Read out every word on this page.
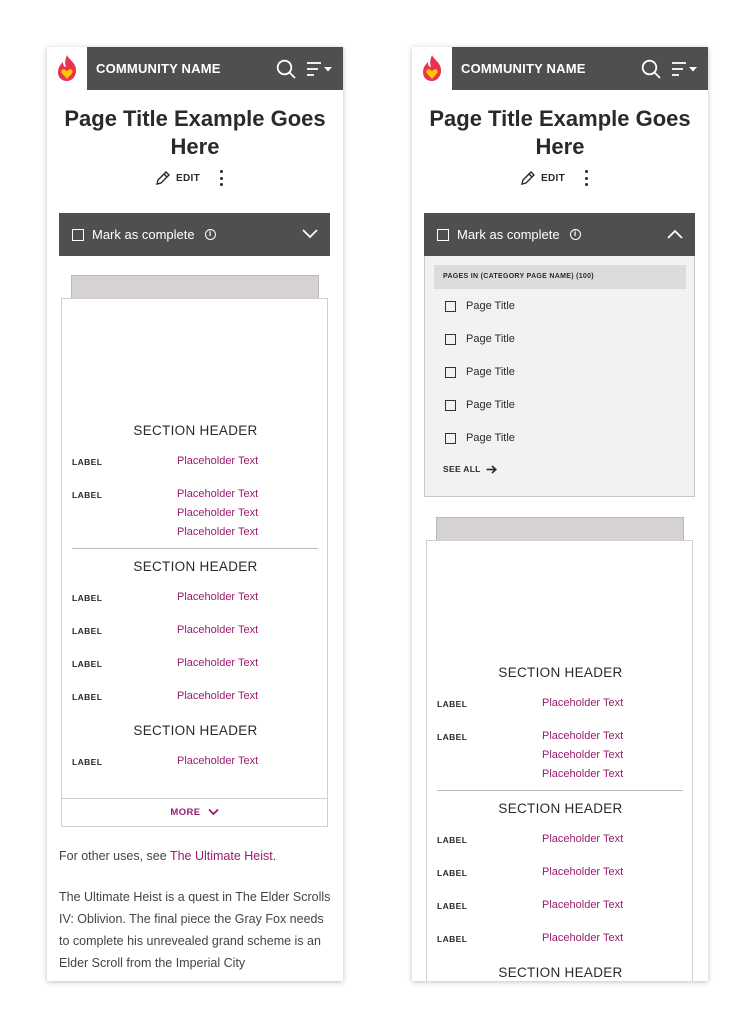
COMMUNITY NAME
Page Title Example Goes Here
EDIT
Mark as complete	i
SECTION HEADER
LABEL	Placeholder Text
LABEL	Placeholder Text
Placeholder Text
Placeholder Text
SECTION HEADER
LABEL	Placeholder Text
LABEL	Placeholder Text
LABEL	Placeholder Text
LABEL	Placeholder Text
SECTION HEADER
LABEL	Placeholder Text
MORE
For other uses, see The Ultimate Heist.
The Ultimate Heist is a quest in The Elder Scrolls IV: Oblivion. The final piece the Gray Fox needs to complete his unrevealed grand scheme is an Elder Scroll from the Imperial City
COMMUNITY NAME
Page Title Example Goes Here
EDIT
Mark as complete	i
PAGES IN (CATEGORY PAGE NAME) (100)
Page Title
Page Title
Page Title
Page Title
Page Title
SEE ALL
SECTION HEADER
LABEL	Placeholder Text
LABEL	Placeholder Text
Placeholder Text
Placeholder Text
SECTION HEADER
LABEL	Placeholder Text
LABEL	Placeholder Text
LABEL	Placeholder Text
LABEL	Placeholder Text
SECTION HEADER
